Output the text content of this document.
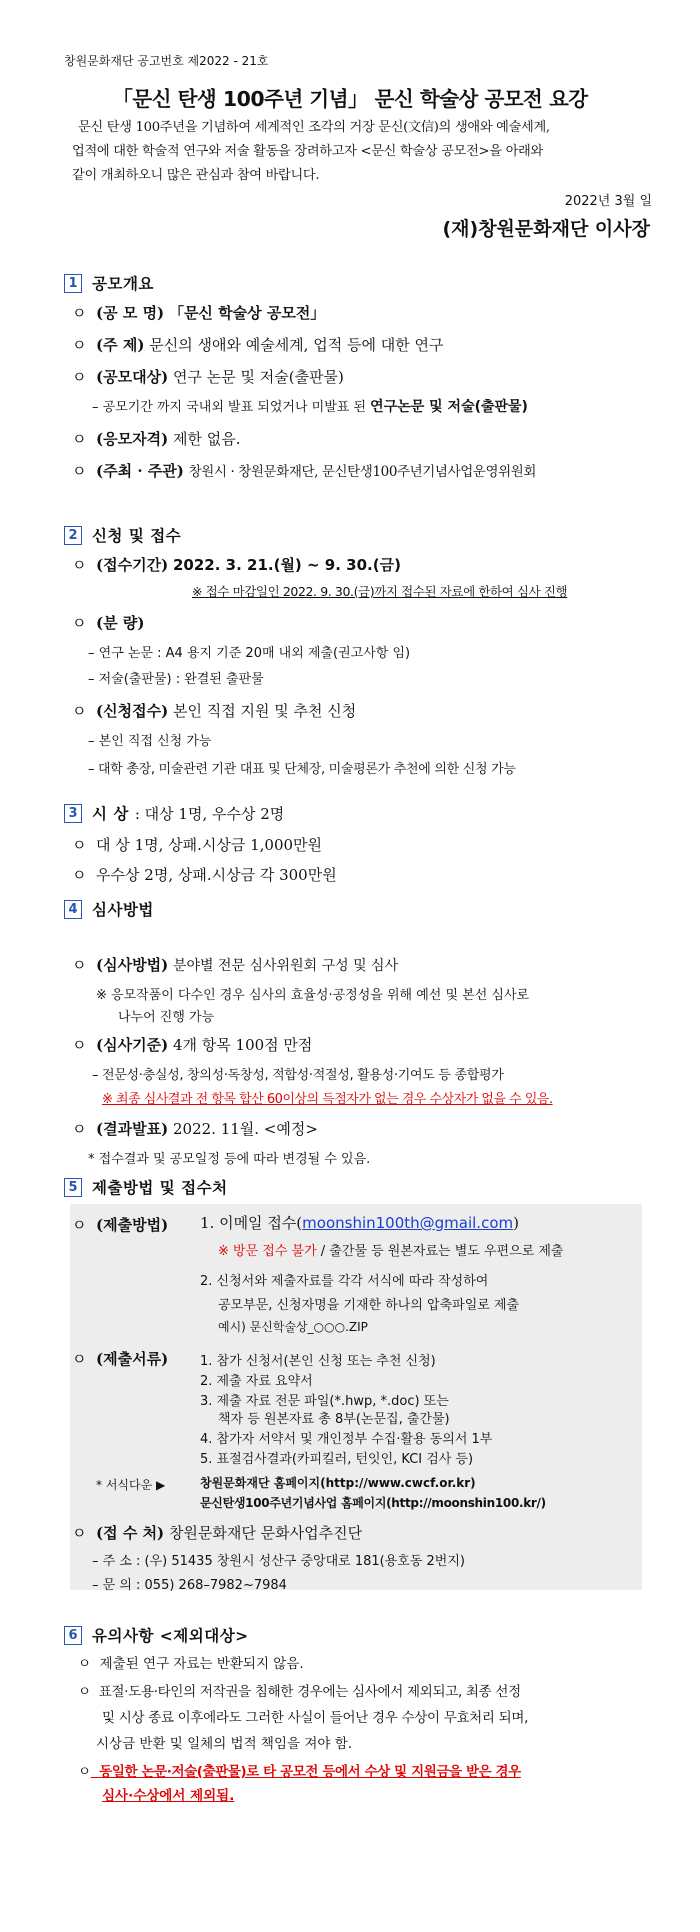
창원문화재단 공고번호 제2022 - 21호
「문신 탄생 100주년 기념」 문신 학술상 공모전 요강
문신 탄생 100주년을 기념하여 세계적인 조각의 거장 문신(文信)의 생애와 예술세계,
업적에 대한 학술적 연구와 저술 활동을 장려하고자 <문신 학술상 공모전>을 아래와
같이 개최하오니 많은 관심과 참여 바랍니다.
2022년 3월 일
(재)창원문화재단 이사장
1 공모개요
ㅇ (공 모 명) 「문신 학술상 공모전」
ㅇ (주 제) 문신의 생애와 예술세계, 업적 등에 대한 연구
ㅇ (공모대상) 연구 논문 및 저술(출판물)
– 공모기간 까지 국내외 발표 되었거나 미발표 된 연구논문 및 저술(출판물)
ㅇ (응모자격) 제한 없음.
ㅇ (주최 · 주관) 창원시 · 창원문화재단, 문신탄생100주년기념사업운영위원회
2 신청 및 접수
ㅇ (접수기간) 2022. 3. 21.(월) ~ 9. 30.(금)
※ 접수 마감일인 2022. 9. 30.(금)까지 접수된 자료에 한하여 심사 진행
ㅇ (분 량)
– 연구 논문 : A4 용지 기준 20매 내외 제출(권고사항 임)
– 저술(출판물) : 완결된 출판물
ㅇ (신청접수) 본인 직접 지원 및 추천 신청
– 본인 직접 신청 가능
– 대학 총장, 미술관련 기관 대표 및 단체장, 미술평론가 추천에 의한 신청 가능
3 시 상 : 대상 1명, 우수상 2명
ㅇ 대 상 1명, 상패.시상금 1,000만원
ㅇ 우수상 2명, 상패.시상금 각 300만원
4 심사방법
ㅇ (심사방법) 분야별 전문 심사위원회 구성 및 심사
※ 응모작품이 다수인 경우 심사의 효율성·공정성을 위해 예선 및 본선 심사로
나누어 진행 가능
ㅇ (심사기준) 4개 항목 100점 만점
– 전문성·충실성, 창의성·독창성, 적합성·적절성, 활용성·기여도 등 종합평가
※ 최종 심사결과 전 항목 합산 60이상의 득점자가 없는 경우 수상자가 없을 수 있음.
ㅇ (결과발표) 2022. 11월. <예정>
* 접수결과 및 공모일정 등에 따라 변경될 수 있음.
5 제출방법 및 접수처
ㅇ (제출방법) 1. 이메일 접수(moonshin100th@gmail.com)
※ 방문 접수 불가 / 출간물 등 원본자료는 별도 우편으로 제출
2. 신청서와 제출자료를 각각 서식에 따라 작성하여
공모부문, 신청자명을 기재한 하나의 압축파일로 제출
예시) 문신학술상_○○○.ZIP
ㅇ (제출서류) 1. 참가 신청서(본인 신청 또는 추천 신청)
2. 제출 자료 요약서
3. 제출 자료 전문 파일(*.hwp, *.doc) 또는
책자 등 원본자료 총 8부(논문집, 출간물)
4. 참가자 서약서 및 개인정부 수집·활용 동의서 1부
5. 표절검사결과(카피킬러, 턴잇인, KCI 검사 등)
* 서식다운 ▶	창원문화재단 홈페이지(http://www.cwcf.or.kr)
문신탄생100주년기념사업 홈페이지(http://moonshin100.kr/)
ㅇ (접 수 처) 창원문화재단 문화사업추진단
– 주 소 : (우) 51435 창원시 성산구 중앙대로 181(용호동 2번지)
– 문 의 : 055) 268–7982~7984
6 유의사항 <제외대상>
ㅇ 제출된 연구 자료는 반환되지 않음.
ㅇ 표절·도용·타인의 저작권을 침해한 경우에는 심사에서 제외되고, 최종 선정
및 시상 종료 이후에라도 그러한 사실이 들어난 경우 수상이 무효처리 되며,
시상금 반환 및 일체의 법적 책임을 져야 함.
ㅇ 동일한 논문·저술(출판물)로 타 공모전 등에서 수상 및 지원금을 받은 경우
심사·수상에서 제외됨.
